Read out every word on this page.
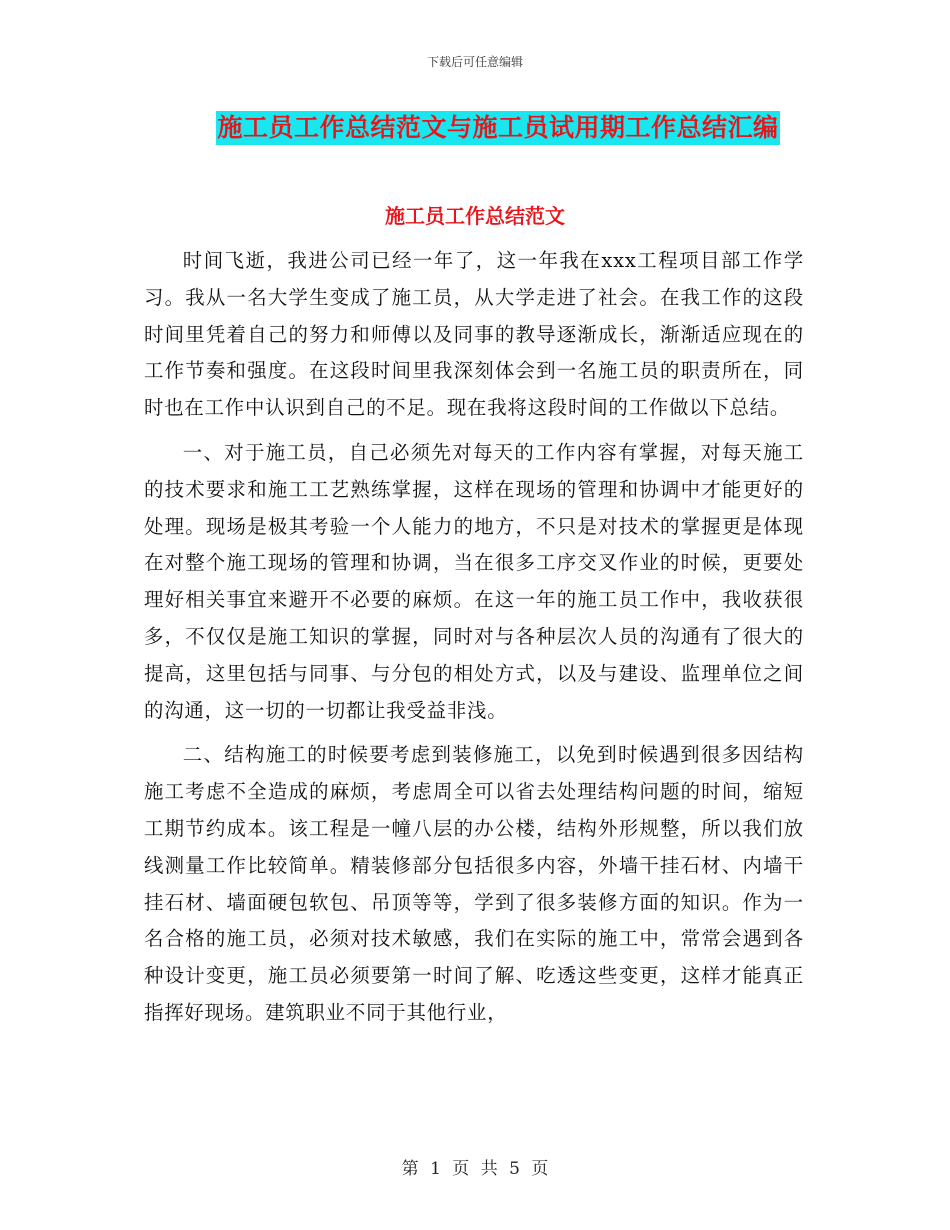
下载后可任意编辑
施工员工作总结范文与施工员试用期工作总结汇编
施工员工作总结范文

时间飞逝，我进公司已经一年了，这一年我在xxx工程项目部工作学习。我从一名大学生变成了施工员，从大学走进了社会。在我工作的这段时间里凭着自己的努力和师傅以及同事的教导逐渐成长，渐渐适应现在的工作节奏和强度。在这段时间里我深刻体会到一名施工员的职责所在，同时也在工作中认识到自己的不足。现在我将这段时间的工作做以下总结。

一、对于施工员，自己必须先对每天的工作内容有掌握，对每天施工的技术要求和施工工艺熟练掌握，这样在现场的管理和协调中才能更好的处理。现场是极其考验一个人能力的地方，不只是对技术的掌握更是体现在对整个施工现场的管理和协调，当在很多工序交叉作业的时候，更要处理好相关事宜来避开不必要的麻烦。在这一年的施工员工作中，我收获很多，不仅仅是施工知识的掌握，同时对与各种层次人员的沟通有了很大的提高，这里包括与同事、与分包的相处方式，以及与建设、监理单位之间的沟通，这一切的一切都让我受益非浅。

二、结构施工的时候要考虑到装修施工，以免到时候遇到很多因结构施工考虑不全造成的麻烦，考虑周全可以省去处理结构问题的时间，缩短工期节约成本。该工程是一幢八层的办公楼，结构外形规整，所以我们放线测量工作比较简单。精装修部分包括很多内容，外墙干挂石材、内墙干挂石材、墙面硬包软包、吊顶等等，学到了很多装修方面的知识。作为一名合格的施工员，必须对技术敏感，我们在实际的施工中，常常会遇到各种设计变更，施工员必须要第一时间了解、吃透这些变更，这样才能真正指挥好现场。建筑职业不同于其他行业，

第 1 页 共 5 页
